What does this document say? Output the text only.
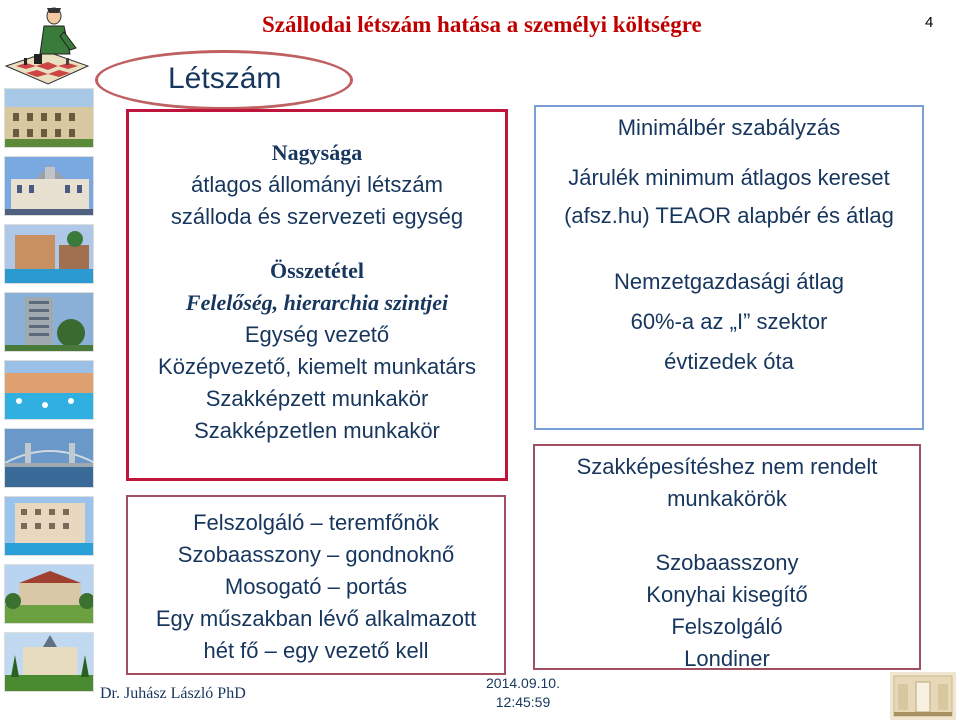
Szállodai létszám hatása a személyi költségre	4
Létszám
Nagysága
átlagos állományi létszám
szálloda és szervezeti egység
Összetétel
Felelőség, hierarchia szintjei
Egység vezető
Középvezető, kiemelt munkatárs
Szakképzett munkakör
Szakképzetlen munkakör
Felszolgáló – teremfőnök
Szobaasszony – gondnoknő
Mosogató – portás
Egy műszakban lévő alkalmazott
hét fő – egy vezető kell
Minimálbér szabályzás
Járulék minimum átlagos kereset
(afsz.hu) TEAOR alapbér és átlag
Nemzetgazdasági átlag
60%-a az „I” szektor
évtizedek óta
Szakképesítéshez nem rendelt
munkakörök
Szobaasszony
Konyhai kisegítő
Felszolgáló
Londiner
Dr. Juhász László PhD
2014.09.10.
12:45:59
